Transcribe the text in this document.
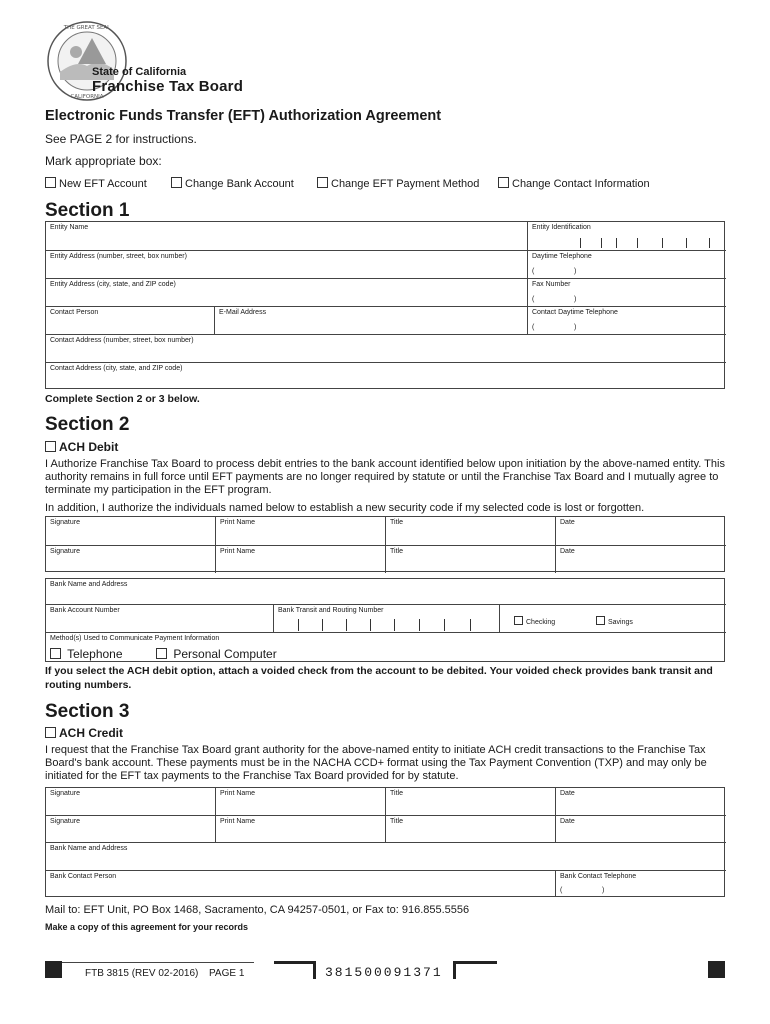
THE GREAT SEAL
CALIFORNIA
State of California
Franchise Tax Board
Electronic Funds Transfer (EFT) Authorization Agreement
See PAGE 2 for instructions.
Mark appropriate box:
New EFT Account	Change Bank Account	Change EFT Payment Method	Change Contact Information
Section 1
Entity Name	Entity Identification
Entity Address (number, street, box number)	Daytime Telephone
(	)
Entity Address (city, state, and ZIP code)	Fax Number
(	)
Contact Person	E-Mail Address	Contact Daytime Telephone
(	)
Contact Address (number, street, box number)
Contact Address (city, state, and ZIP code)
Complete Section 2 or 3 below.
Section 2
ACH Debit
I Authorize Franchise Tax Board to process debit entries to the bank account identified below upon initiation by the above-named entity. This authority remains in full force until EFT payments are no longer required by statute or until the Franchise Tax Board and I mutually agree to terminate my participation in the EFT program.
In addition, I authorize the individuals named below to establish a new security code if my selected code is lost or forgotten.
Signature	Print Name	Title	Date
Signature	Print Name	Title	Date
Bank Name and Address
Bank Account Number	Bank Transit and Routing Number
Checking	Savings
Method(s) Used to Communicate Payment Information
Telephone	Personal Computer
If you select the ACH debit option, attach a voided check from the account to be debited. Your voided check provides bank transit and routing numbers.
Section 3
ACH Credit
I request that the Franchise Tax Board grant authority for the above-named entity to initiate ACH credit transactions to the Franchise Tax Board's bank account. These payments must be in the NACHA CCD+ format using the Tax Payment Convention (TXP) and may only be initiated for the EFT tax payments to the Franchise Tax Board provided for by statute.
Signature	Print Name	Title	Date
Signature	Print Name	Title	Date
Bank Name and Address
Bank Contact Person	Bank Contact Telephone
(	)
Mail to: EFT Unit, PO Box 1468, Sacramento, CA 94257-0501, or Fax to: 916.855.5556
Make a copy of this agreement for your records
FTB 3815 (REV 02-2016) PAGE 1	381500091371
